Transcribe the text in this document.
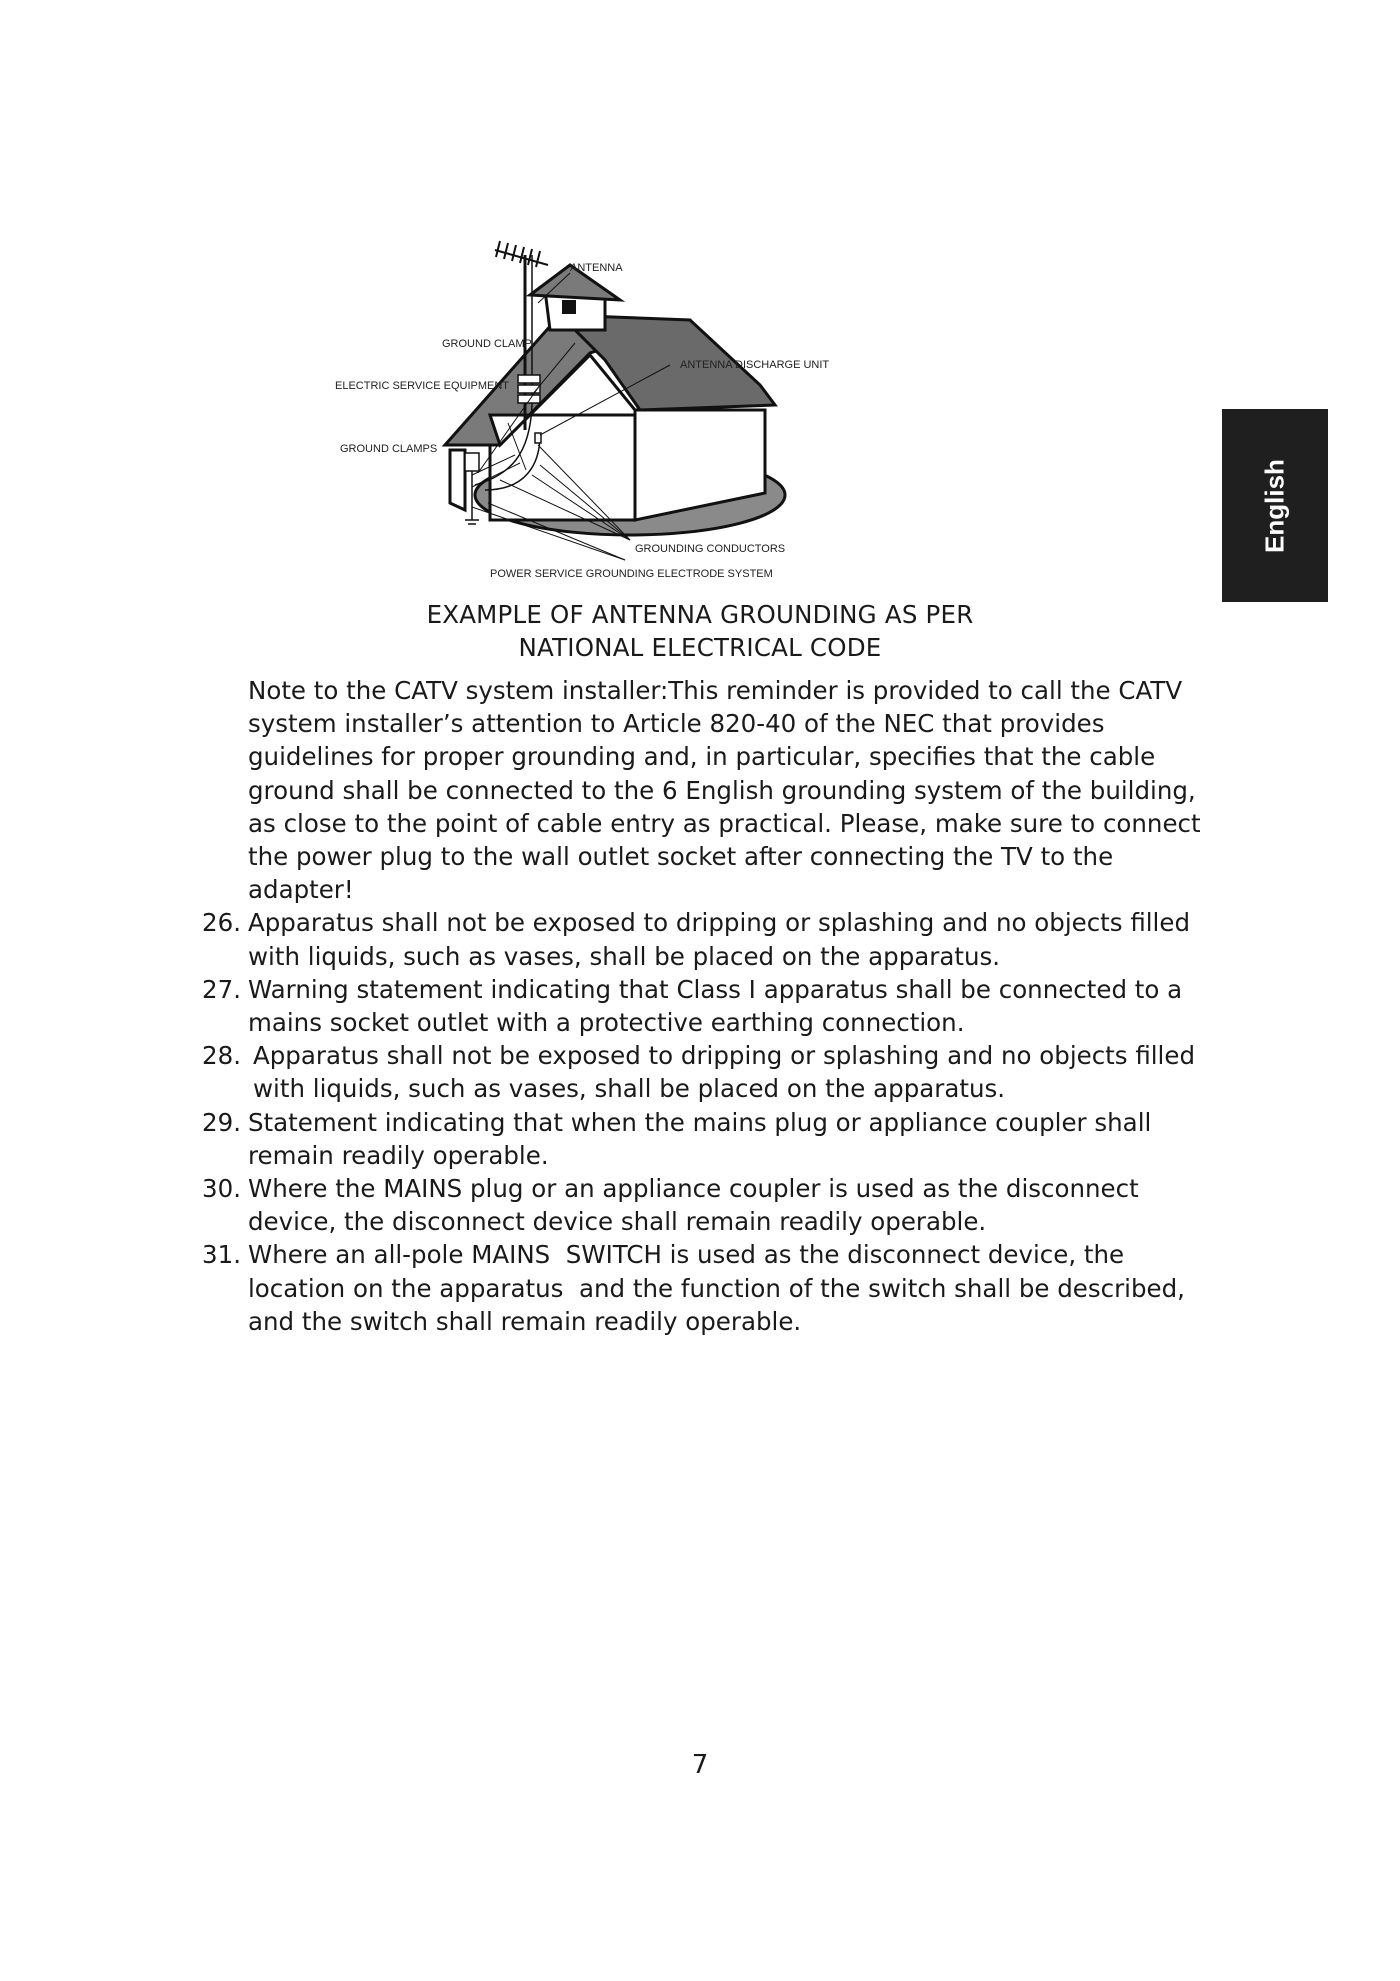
ANTENNA
GROUND CLAMP
ANTENNA DISCHARGE UNIT
ELECTRIC SERVICE EQUIPMENT
GROUND CLAMPS
GROUNDING CONDUCTORS
POWER SERVICE GROUNDING ELECTRODE SYSTEM
EXAMPLE OF ANTENNA GROUNDING AS PER
NATIONAL ELECTRICAL CODE

Note to the CATV system installer:This reminder is provided to call the CATV system installer’s attention to Article 820-40 of the NEC that provides guidelines for proper grounding and, in particular, specifies that the cable ground shall be connected to the 6 English grounding system of the building, as close to the point of cable entry as practical. Please, make sure to connect the power plug to the wall outlet socket after connecting the TV to the adapter!

26. Apparatus shall not be exposed to dripping or splashing and no objects filled with liquids, such as vases, shall be placed on the apparatus.
27. Warning statement indicating that Class I apparatus shall be connected to a mains socket outlet with a protective earthing connection.
28. Apparatus shall not be exposed to dripping or splashing and no objects filled with liquids, such as vases, shall be placed on the apparatus.
29. Statement indicating that when the mains plug or appliance coupler shall remain readily operable.
30. Where the MAINS plug or an appliance coupler is used as the disconnect device, the disconnect device shall remain readily operable.
31. Where an all-pole MAINS  SWITCH is used as the disconnect device, the location on the apparatus  and the function of the switch shall be described, and the switch shall remain readily operable.
English
7
